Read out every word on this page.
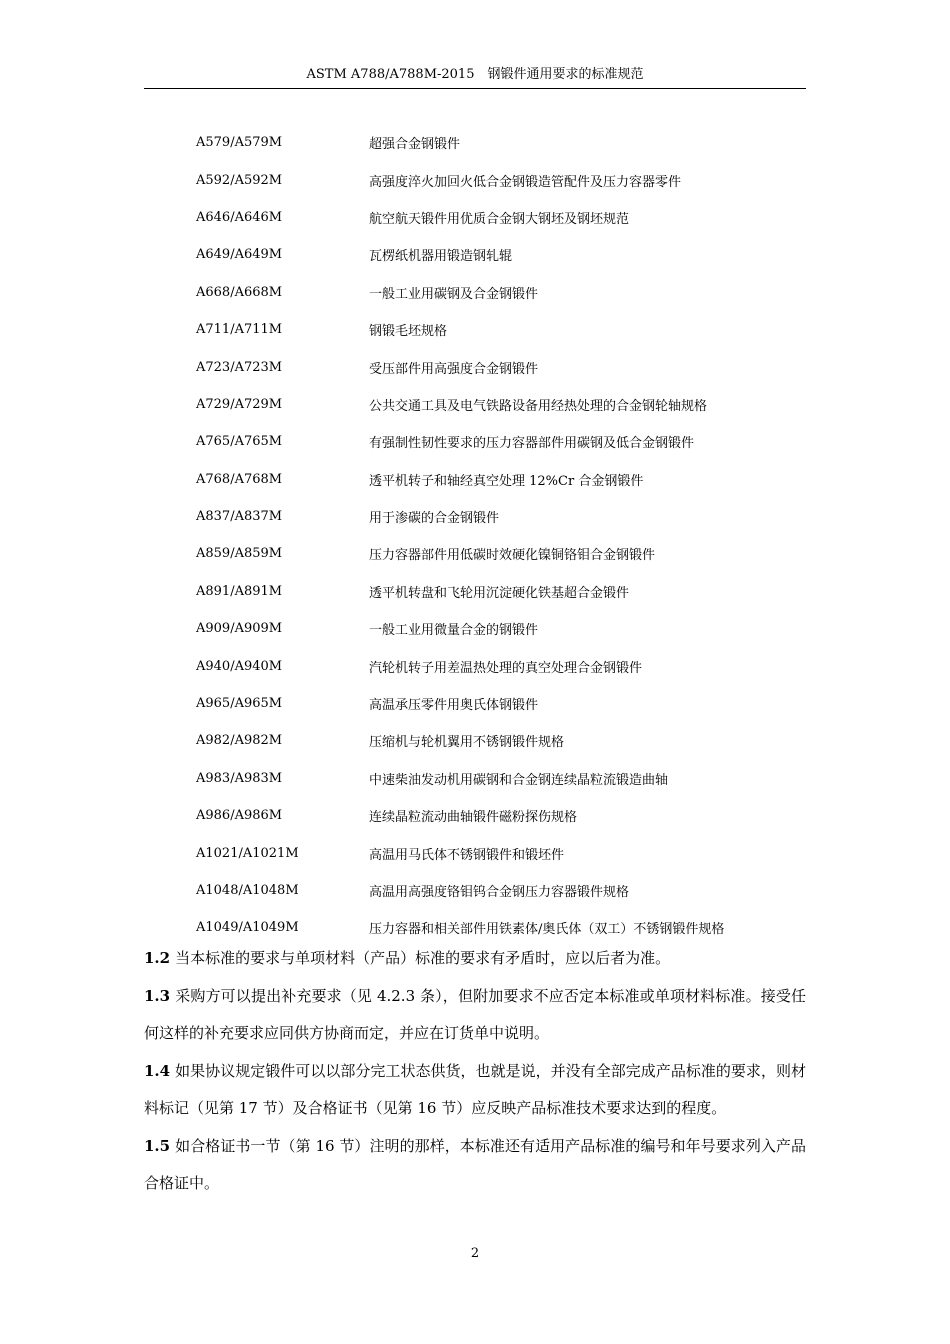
ASTM A788/A788M-2015　钢锻件通用要求的标准规范
A579/A579M	超强合金钢锻件
A592/A592M	高强度淬火加回火低合金钢锻造管配件及压力容器零件
A646/A646M	航空航天锻件用优质合金钢大钢坯及钢坯规范
A649/A649M	瓦楞纸机器用锻造钢轧辊
A668/A668M	一般工业用碳钢及合金钢锻件
A711/A711M	钢锻毛坯规格
A723/A723M	受压部件用高强度合金钢锻件
A729/A729M	公共交通工具及电气铁路设备用经热处理的合金钢轮轴规格
A765/A765M	有强制性韧性要求的压力容器部件用碳钢及低合金钢锻件
A768/A768M	透平机转子和轴经真空处理 12%Cr 合金钢锻件
A837/A837M	用于渗碳的合金钢锻件
A859/A859M	压力容器部件用低碳时效硬化镍铜铬钼合金钢锻件
A891/A891M	透平机转盘和飞轮用沉淀硬化铁基超合金锻件
A909/A909M	一般工业用微量合金的钢锻件
A940/A940M	汽轮机转子用差温热处理的真空处理合金钢锻件
A965/A965M	高温承压零件用奥氏体钢锻件
A982/A982M	压缩机与轮机翼用不锈钢锻件规格
A983/A983M	中速柴油发动机用碳钢和合金钢连续晶粒流锻造曲轴
A986/A986M	连续晶粒流动曲轴锻件磁粉探伤规格
A1021/A1021M	高温用马氏体不锈钢锻件和锻坯件
A1048/A1048M	高温用高强度铬钼钨合金钢压力容器锻件规格
A1049/A1049M	压力容器和相关部件用铁素体/奥氏体（双工）不锈钢锻件规格

1.2 当本标准的要求与单项材料（产品）标准的要求有矛盾时，应以后者为准。

1.3 采购方可以提出补充要求（见 4.2.3 条），但附加要求不应否定本标准或单项材料标准。接受任何这样的补充要求应同供方协商而定，并应在订货单中说明。

1.4 如果协议规定锻件可以以部分完工状态供货，也就是说，并没有全部完成产品标准的要求，则材料标记（见第 17 节）及合格证书（见第 16 节）应反映产品标准技术要求达到的程度。

1.5 如合格证书一节（第 16 节）注明的那样，本标准还有适用产品标准的编号和年号要求列入产品合格证中。

2
